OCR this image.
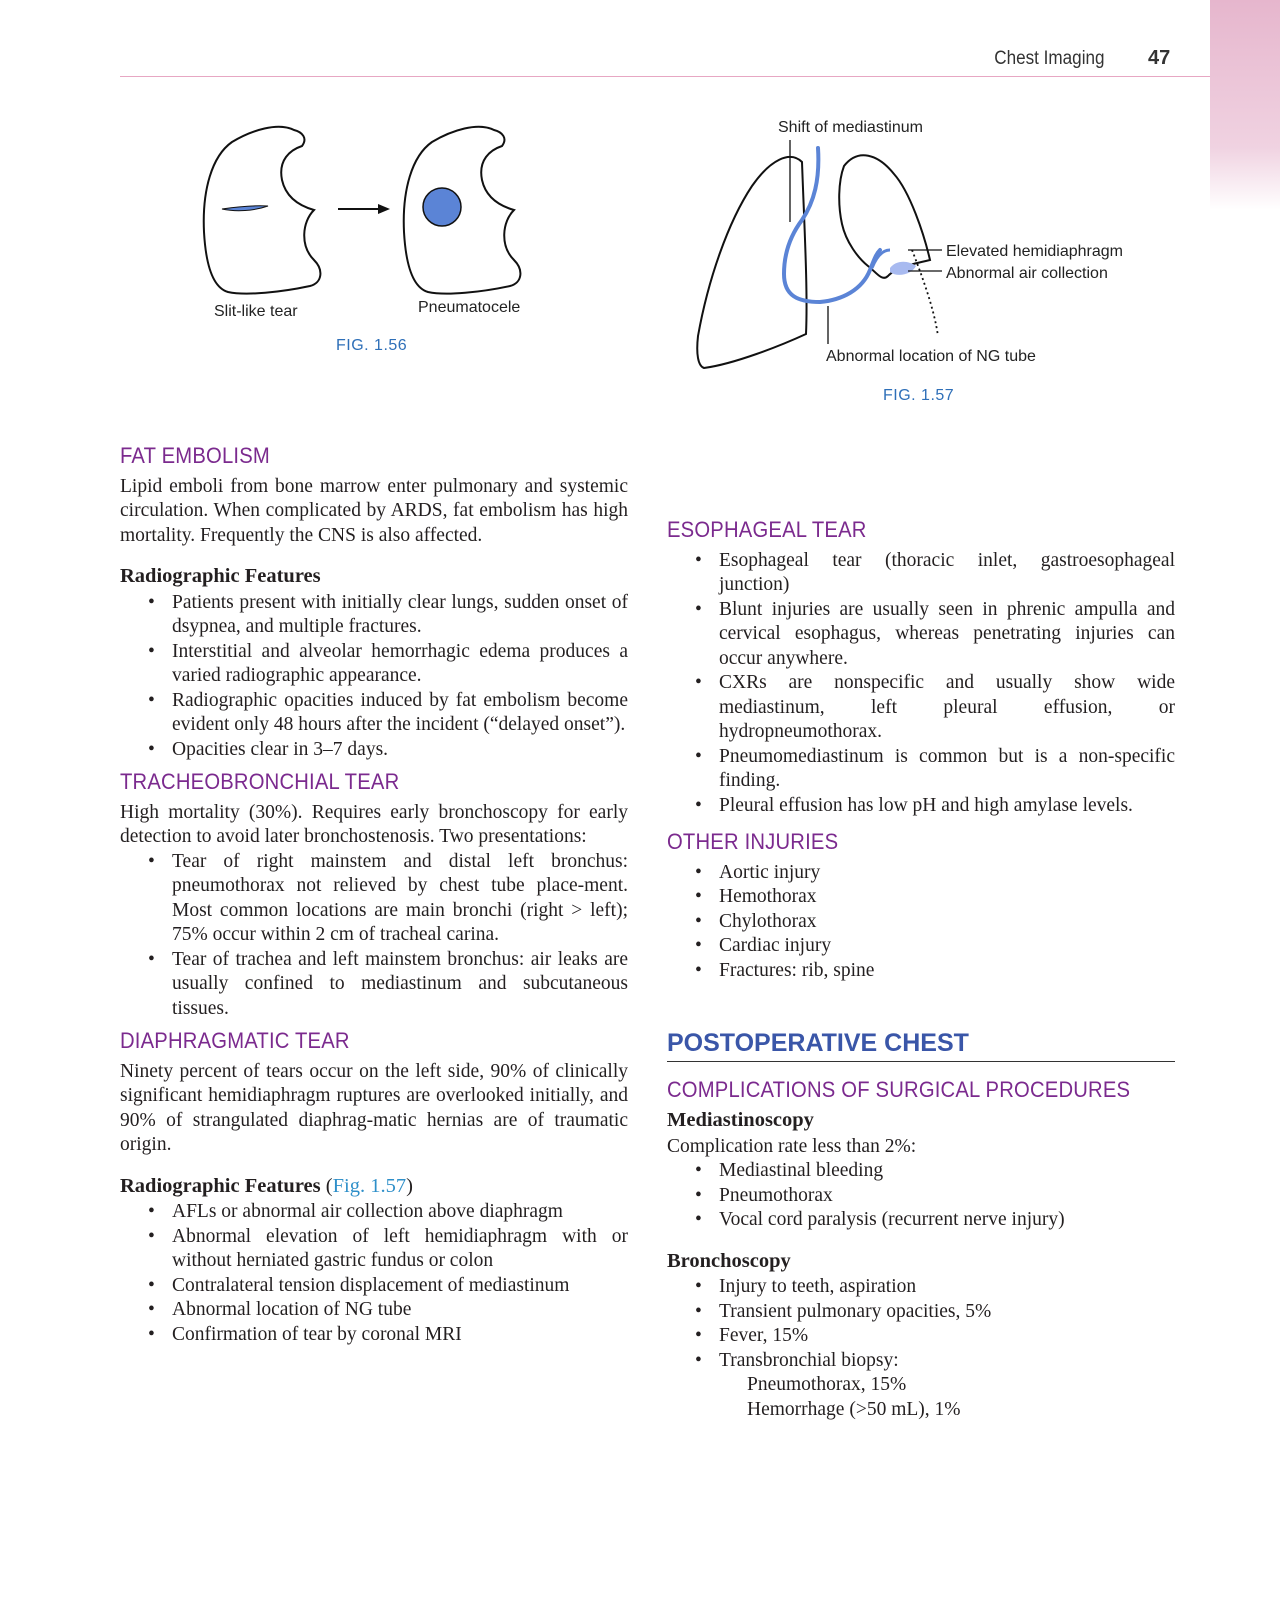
Chest Imaging 47
Slit-like tear	Pneumatocele
FIG. 1.56
Shift of mediastinum
Elevated hemidiaphragm
Abnormal air collection
Abnormal location of NG tube
FIG. 1.57
FAT EMBOLISM

Lipid emboli from bone marrow enter pulmonary and systemic circulation. When complicated by ARDS, fat embolism has high mortality. Frequently the CNS is also affected.

Radiographic Features
• Patients present with initially clear lungs, sudden onset of dsypnea, and multiple fractures.
• Interstitial and alveolar hemorrhagic edema produces a varied radiographic appearance.
• Radiographic opacities induced by fat embolism become evident only 48 hours after the incident (“delayed onset”).
• Opacities clear in 3–7 days.
TRACHEOBRONCHIAL TEAR

High mortality (30%). Requires early bronchoscopy for early detection to avoid later bronchostenosis. Two presentations:

• Tear of right mainstem and distal left bronchus: pneumothorax not relieved by chest tube place-ment. Most common locations are main bronchi (right > left); 75% occur within 2 cm of tracheal carina.
• Tear of trachea and left mainstem bronchus: air leaks are usually confined to mediastinum and subcutaneous tissues.
DIAPHRAGMATIC TEAR

Ninety percent of tears occur on the left side, 90% of clinically significant hemidiaphragm ruptures are overlooked initially, and 90% of strangulated diaphrag-matic hernias are of traumatic origin.

Radiographic Features (Fig. 1.57)
• AFLs or abnormal air collection above diaphragm
• Abnormal elevation of left hemidiaphragm with or without herniated gastric fundus or colon
• Contralateral tension displacement of mediastinum
• Abnormal location of NG tube
• Confirmation of tear by coronal MRI
ESOPHAGEAL TEAR
• Esophageal tear (thoracic inlet, gastroesophageal junction)
• Blunt injuries are usually seen in phrenic ampulla and cervical esophagus, whereas penetrating injuries can occur anywhere.
• CXRs are nonspecific and usually show wide mediastinum, left pleural effusion, or hydropneumothorax.
• Pneumomediastinum is common but is a non-specific finding.
• Pleural effusion has low pH and high amylase levels.
OTHER INJURIES
• Aortic injury
• Hemothorax
• Chylothorax
• Cardiac injury
• Fractures: rib, spine
POSTOPERATIVE CHEST
COMPLICATIONS OF SURGICAL PROCEDURES
Mediastinoscopy

Complication rate less than 2%:

• Mediastinal bleeding
• Pneumothorax
• Vocal cord paralysis (recurrent nerve injury)
Bronchoscopy
• Injury to teeth, aspiration
• Transient pulmonary opacities, 5%
• Fever, 15%
• Transbronchial biopsy:
Pneumothorax, 15%
Hemorrhage (>50 mL), 1%
